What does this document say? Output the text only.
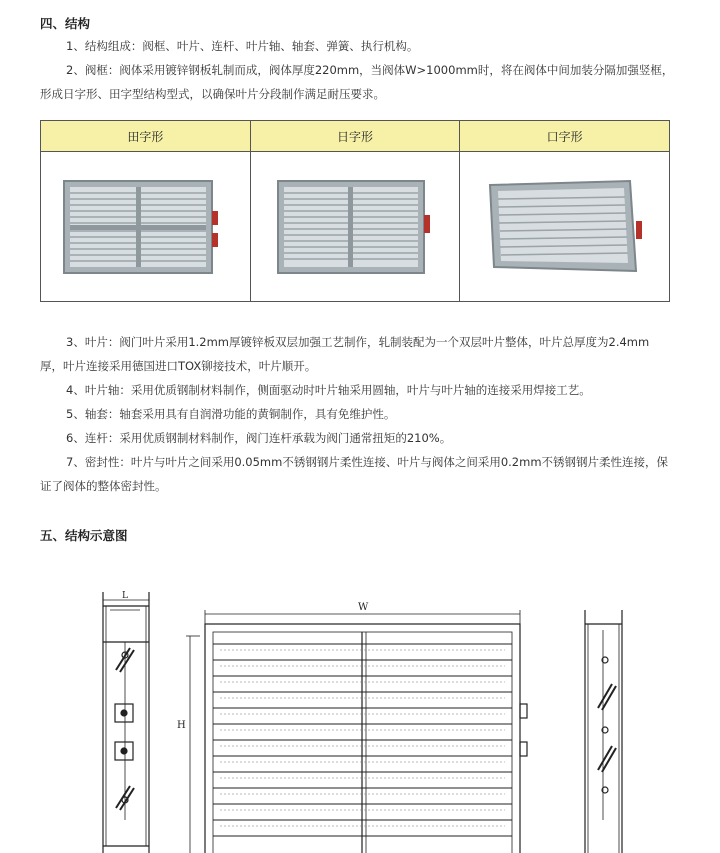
四、结构
1、结构组成：阀框、叶片、连杆、叶片轴、轴套、弹簧、执行机构。
2、阀框：阀体采用镀锌钢板轧制而成，阀体厚度220mm，当阀体W>1000mm时，将在阀体中间加装分隔加强竖框，
形成日字形、田字型结构型式，以确保叶片分段制作满足耐压要求。
田字形	日字形	口字形

3、叶片：阀门叶片采用1.2mm厚镀锌板双层加强工艺制作，轧制装配为一个双层叶片整体，叶片总厚度为2.4mm
厚，叶片连接采用德国进口TOX铆接技术，叶片顺开。
4、叶片轴：采用优质钢制材料制作，侧面驱动时叶片轴采用圆轴，叶片与叶片轴的连接采用焊接工艺。
5、轴套：轴套采用具有自润滑功能的黄铜制作，具有免维护性。
6、连杆：采用优质钢制材料制作，阀门连杆承载为阀门通常扭矩的210%。
7、密封性：叶片与叶片之间采用0.05mm不锈钢钢片柔性连接、叶片与阀体之间采用0.2mm不锈钢钢片柔性连接，保
证了阀体的整体密封性。
五、结构示意图
L
W
H
